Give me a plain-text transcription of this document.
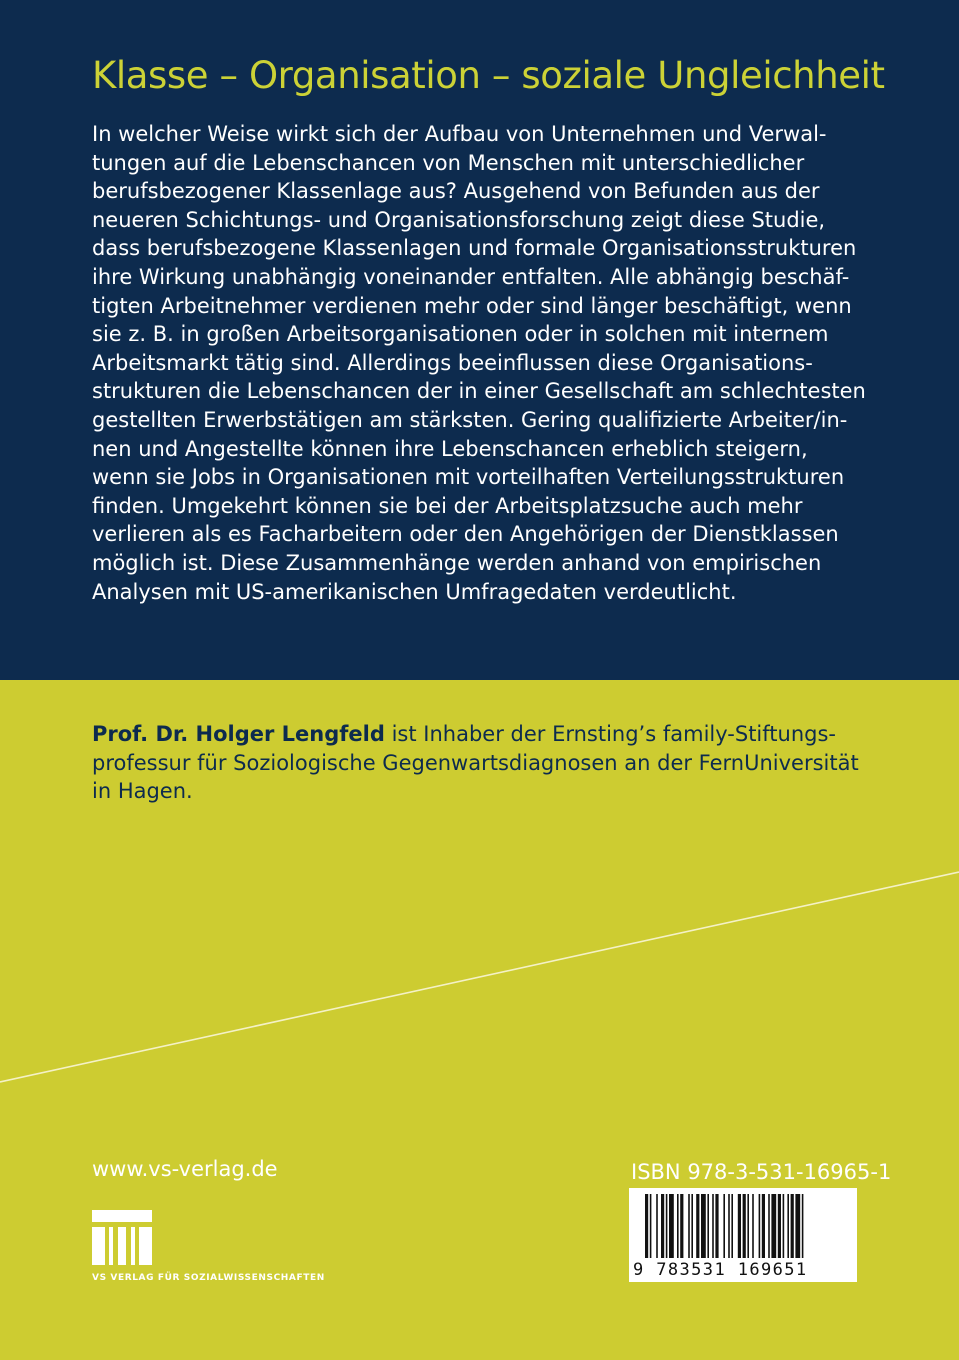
Klasse – Organisation – soziale Ungleichheit

In welcher Weise wirkt sich der Aufbau von Unternehmen und Verwal-
tungen auf die Lebenschancen von Menschen mit unterschiedlicher
berufsbezogener Klassenlage aus? Ausgehend von Befunden aus der
neueren Schichtungs- und Organisationsforschung zeigt diese Studie,
dass berufsbezogene Klassenlagen und formale Organisationsstrukturen
ihre Wirkung unabhängig voneinander entfalten. Alle abhängig beschäf-
tigten Arbeitnehmer verdienen mehr oder sind länger beschäftigt, wenn
sie z. B. in großen Arbeitsorganisationen oder in solchen mit internem
Arbeitsmarkt tätig sind. Allerdings beeinflussen diese Organisations-
strukturen die Lebenschancen der in einer Gesellschaft am schlechtesten
gestellten Erwerbstätigen am stärksten. Gering qualifizierte Arbeiter/in-
nen und Angestellte können ihre Lebenschancen erheblich steigern,
wenn sie Jobs in Organisationen mit vorteilhaften Verteilungsstrukturen
finden. Umgekehrt können sie bei der Arbeitsplatzsuche auch mehr
verlieren als es Facharbeitern oder den Angehörigen der Dienstklassen
möglich ist. Diese Zusammenhänge werden anhand von empirischen
Analysen mit US-amerikanischen Umfragedaten verdeutlicht.

Prof. Dr. Holger Lengfeld ist Inhaber der Ernsting’s family-Stiftungs-
professur für Soziologische Gegenwartsdiagnosen an der FernUniversität
in Hagen.

www.vs-verlag.de
VS VERLAG FÜR SOZIALWISSENSCHAFTEN
ISBN 978-3-531-16965-1
9 783531 169651
